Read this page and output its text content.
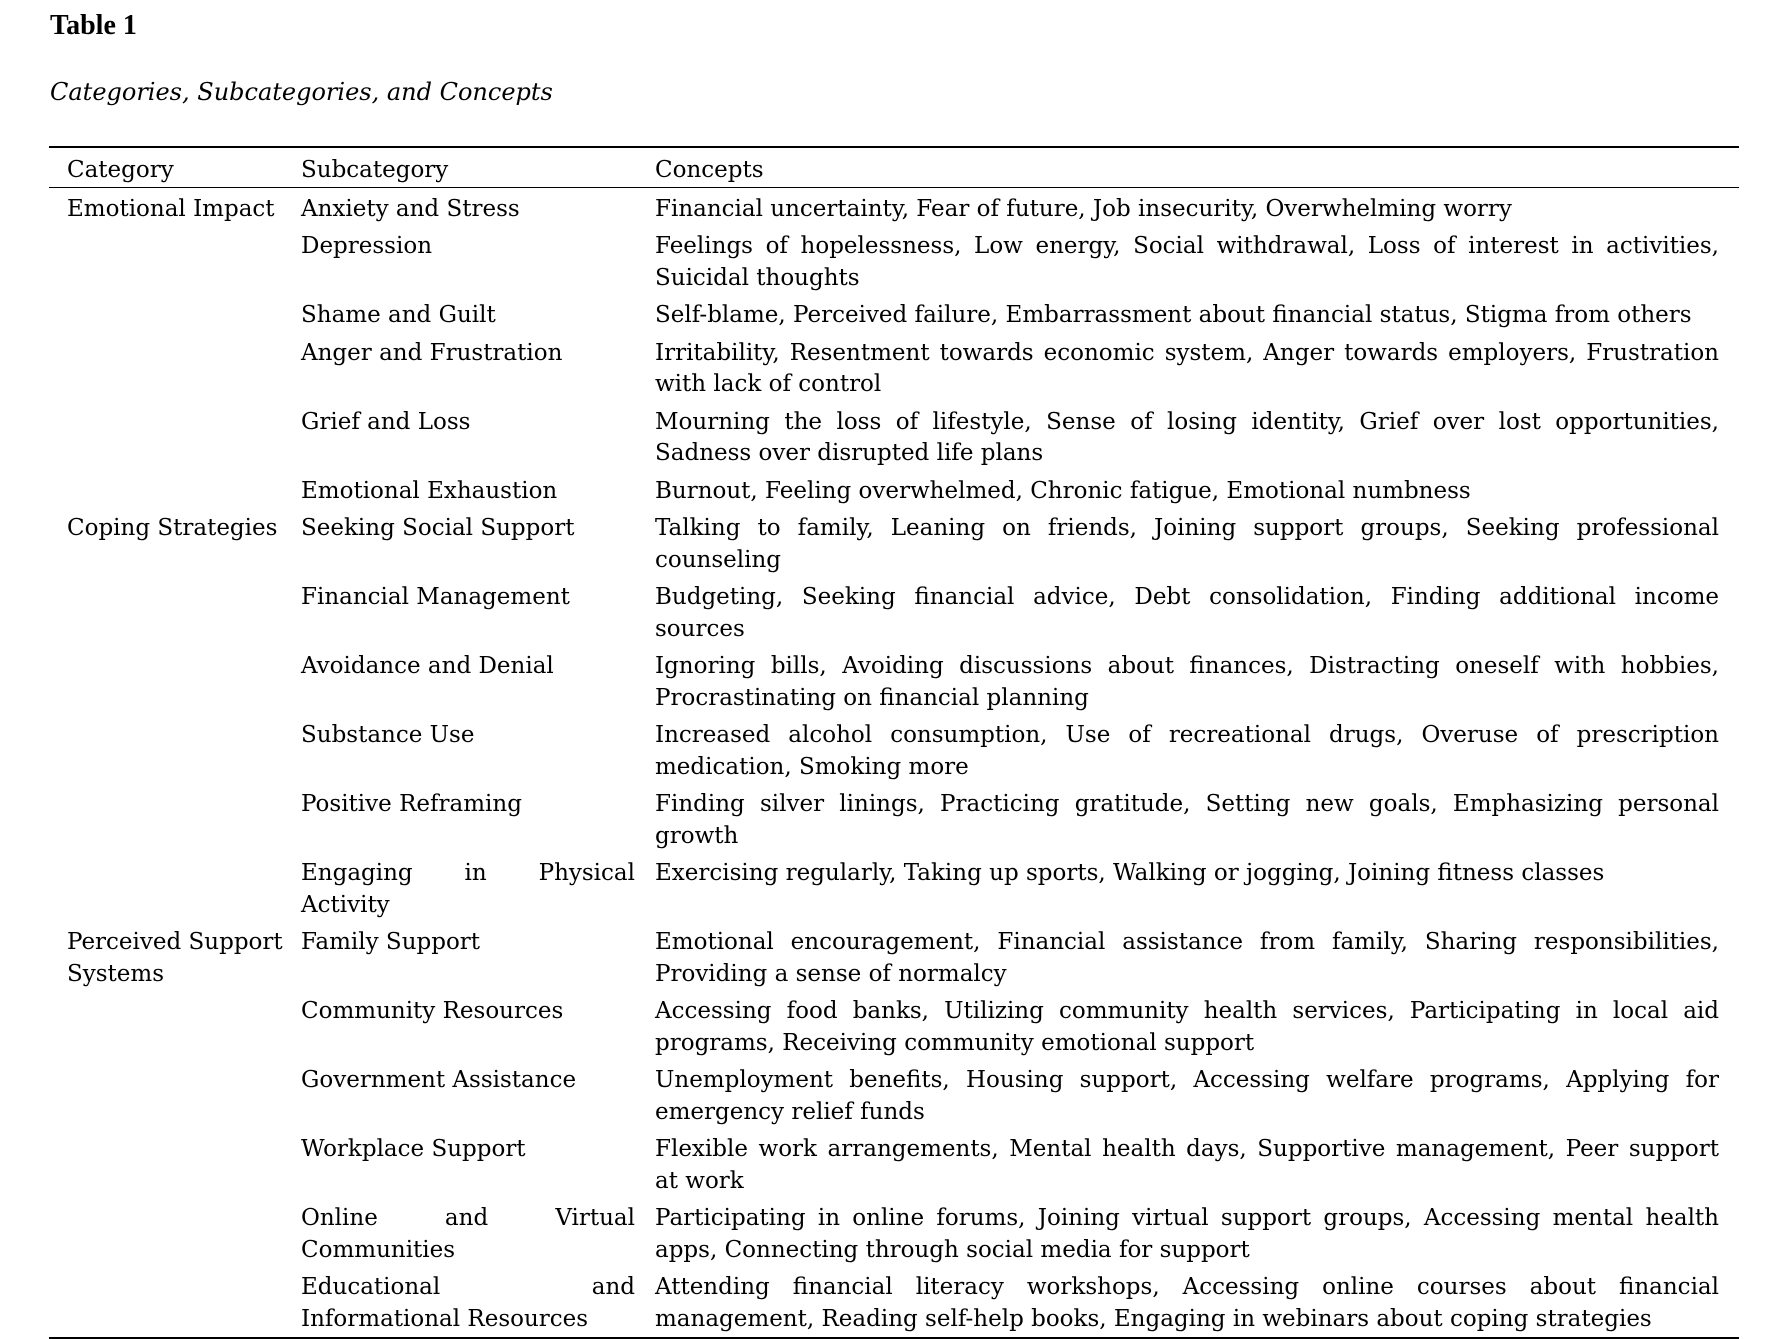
Table 1

Categories, Subcategories, and Concepts

Category	Subcategory	Concepts
Emotional Impact	Anxiety and Stress	Financial uncertainty, Fear of future, Job insecurity, Overwhelming worry
	Depression	Feelings of hopelessness, Low energy, Social withdrawal, Loss of interest in activities, Suicidal thoughts
	Shame and Guilt	Self-blame, Perceived failure, Embarrassment about financial status, Stigma from others
	Anger and Frustration	Irritability, Resentment towards economic system, Anger towards employers, Frustration with lack of control
	Grief and Loss	Mourning the loss of lifestyle, Sense of losing identity, Grief over lost opportunities, Sadness over disrupted life plans
	Emotional Exhaustion	Burnout, Feeling overwhelmed, Chronic fatigue, Emotional numbness
Coping Strategies	Seeking Social Support	Talking to family, Leaning on friends, Joining support groups, Seeking professional counseling
	Financial Management	Budgeting, Seeking financial advice, Debt consolidation, Finding additional income sources
	Avoidance and Denial	Ignoring bills, Avoiding discussions about finances, Distracting oneself with hobbies, Procrastinating on financial planning
	Substance Use	Increased alcohol consumption, Use of recreational drugs, Overuse of prescription medication, Smoking more
	Positive Reframing	Finding silver linings, Practicing gratitude, Setting new goals, Emphasizing personal growth
	Engaging in Physical Activity	Exercising regularly, Taking up sports, Walking or jogging, Joining fitness classes
Perceived Support Systems	Family Support	Emotional encouragement, Financial assistance from family, Sharing responsibilities, Providing a sense of normalcy
	Community Resources	Accessing food banks, Utilizing community health services, Participating in local aid programs, Receiving community emotional support
	Government Assistance	Unemployment benefits, Housing support, Accessing welfare programs, Applying for emergency relief funds
	Workplace Support	Flexible work arrangements, Mental health days, Supportive management, Peer support at work
	Online and Virtual Communities	Participating in online forums, Joining virtual support groups, Accessing mental health apps, Connecting through social media for support
	Educational and Informational Resources	Attending financial literacy workshops, Accessing online courses about financial management, Reading self-help books, Engaging in webinars about coping strategies
